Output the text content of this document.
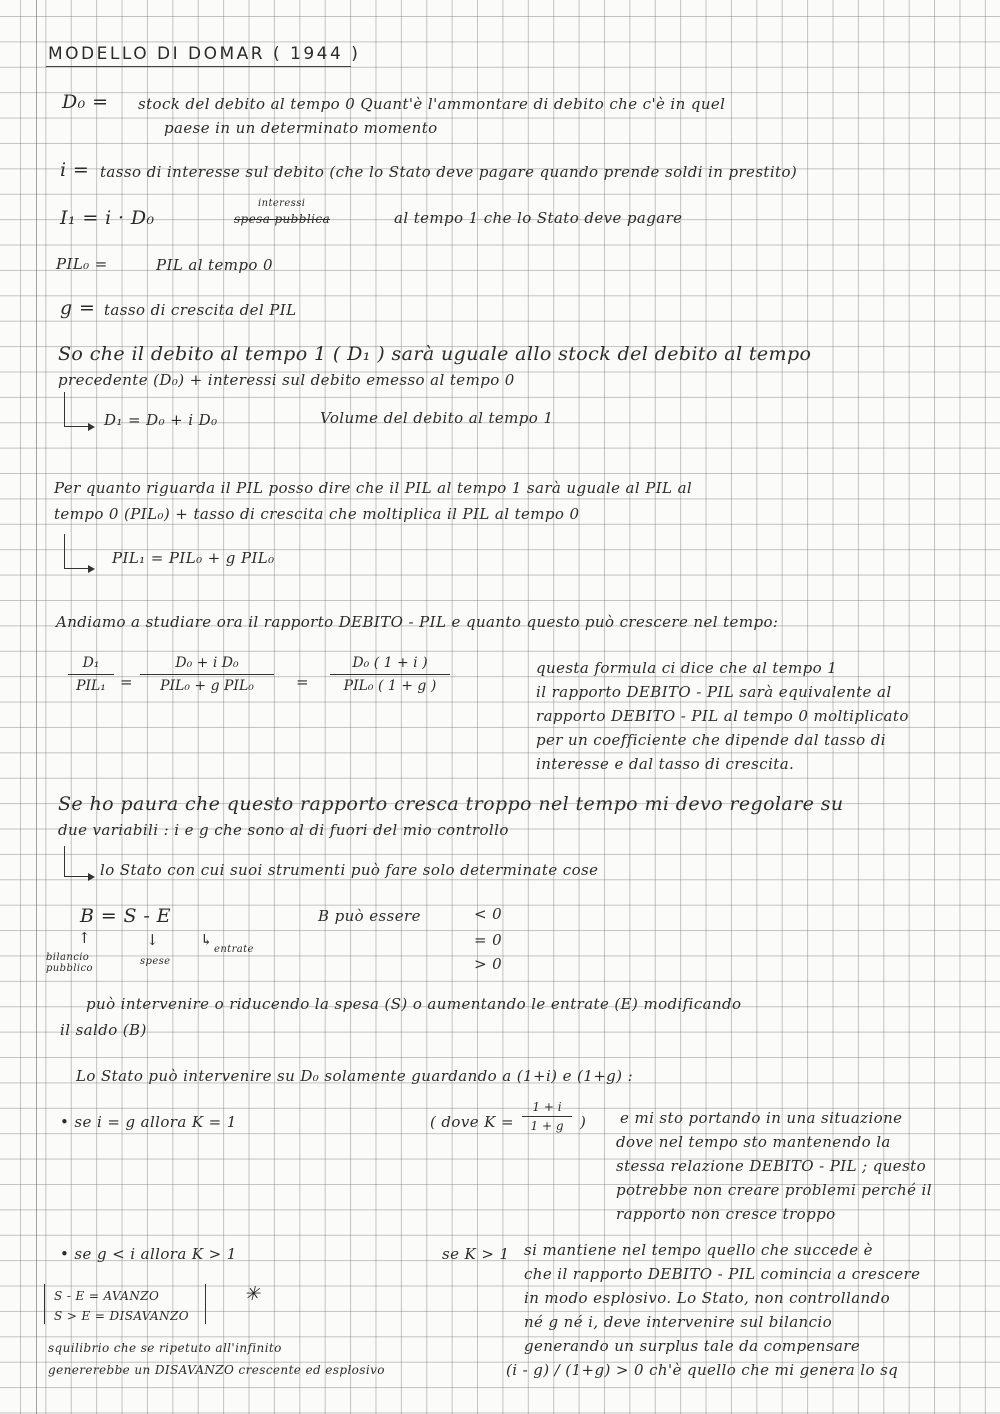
MODELLO DI DOMAR ( 1944 )
D₀ = stock del debito al tempo 0 Quant'è l'ammontare di debito che c'è in quel
paese in un determinato momento
i = tasso di interesse sul debito (che lo Stato deve pagare quando prende soldi in prestito)
I₁ = i · D₀
interessi
spesa pubblica	al tempo 1 che lo Stato deve pagare
PIL₀ =	PIL al tempo 0
g = tasso di crescita del PIL
So che il debito al tempo 1 ( D₁ ) sarà uguale allo stock del debito al tempo
precedente (D₀) + interessi sul debito emesso al tempo 0
D₁ = D₀ + i D₀	Volume del debito al tempo 1
Per quanto riguarda il PIL posso dire che il PIL al tempo 1 sarà uguale al PIL al
tempo 0 (PIL₀) + tasso di crescita che moltiplica il PIL al tempo 0
PIL₁ = PIL₀ + g PIL₀
Andiamo a studiare ora il rapporto DEBITO - PIL e quanto questo può crescere nel tempo:
D₁
PIL₁ =
D₀ + i D₀
PIL₀ + g PIL₀	=
D₀ ( 1 + i )
PIL₀ ( 1 + g )
questa formula ci dice che al tempo 1
il rapporto DEBITO - PIL sarà equivalente al
rapporto DEBITO - PIL al tempo 0 moltiplicato
per un coefficiente che dipende dal tasso di
interesse e dal tasso di crescita.
Se ho paura che questo rapporto cresca troppo nel tempo mi devo regolare su
due variabili : i e g che sono al di fuori del mio controllo
lo Stato con cui suoi strumenti può fare solo determinate cose
B = S - E
↑	↓	↳
bilancio pubblico
spese
entrate
B può essere	< 0
= 0
> 0
può intervenire o riducendo la spesa (S) o aumentando le entrate (E) modificando
il saldo (B)
Lo Stato può intervenire su D₀ solamente guardando a (1+i) e (1+g) :
• se i = g allora K = 1	( dove K =
1 + i
1 + g	) e mi sto portando in una situazione
dove nel tempo sto mantenendo la
stessa relazione DEBITO - PIL ; questo
potrebbe non creare problemi perché il
rapporto non cresce troppo
• se g < i allora K > 1	se K > 1 si mantiene nel tempo quello che succede è
che il rapporto DEBITO - PIL comincia a crescere
in modo esplosivo. Lo Stato, non controllando
né g né i, deve intervenire sul bilancio
generando un surplus tale da compensare
(i - g) / (1+g) > 0 ch'è quello che mi genera lo sq
S - E = AVANZO
S > E = DISAVANZO
✳
squilibrio che se ripetuto all'infinito
genererebbe un DISAVANZO crescente ed esplosivo
